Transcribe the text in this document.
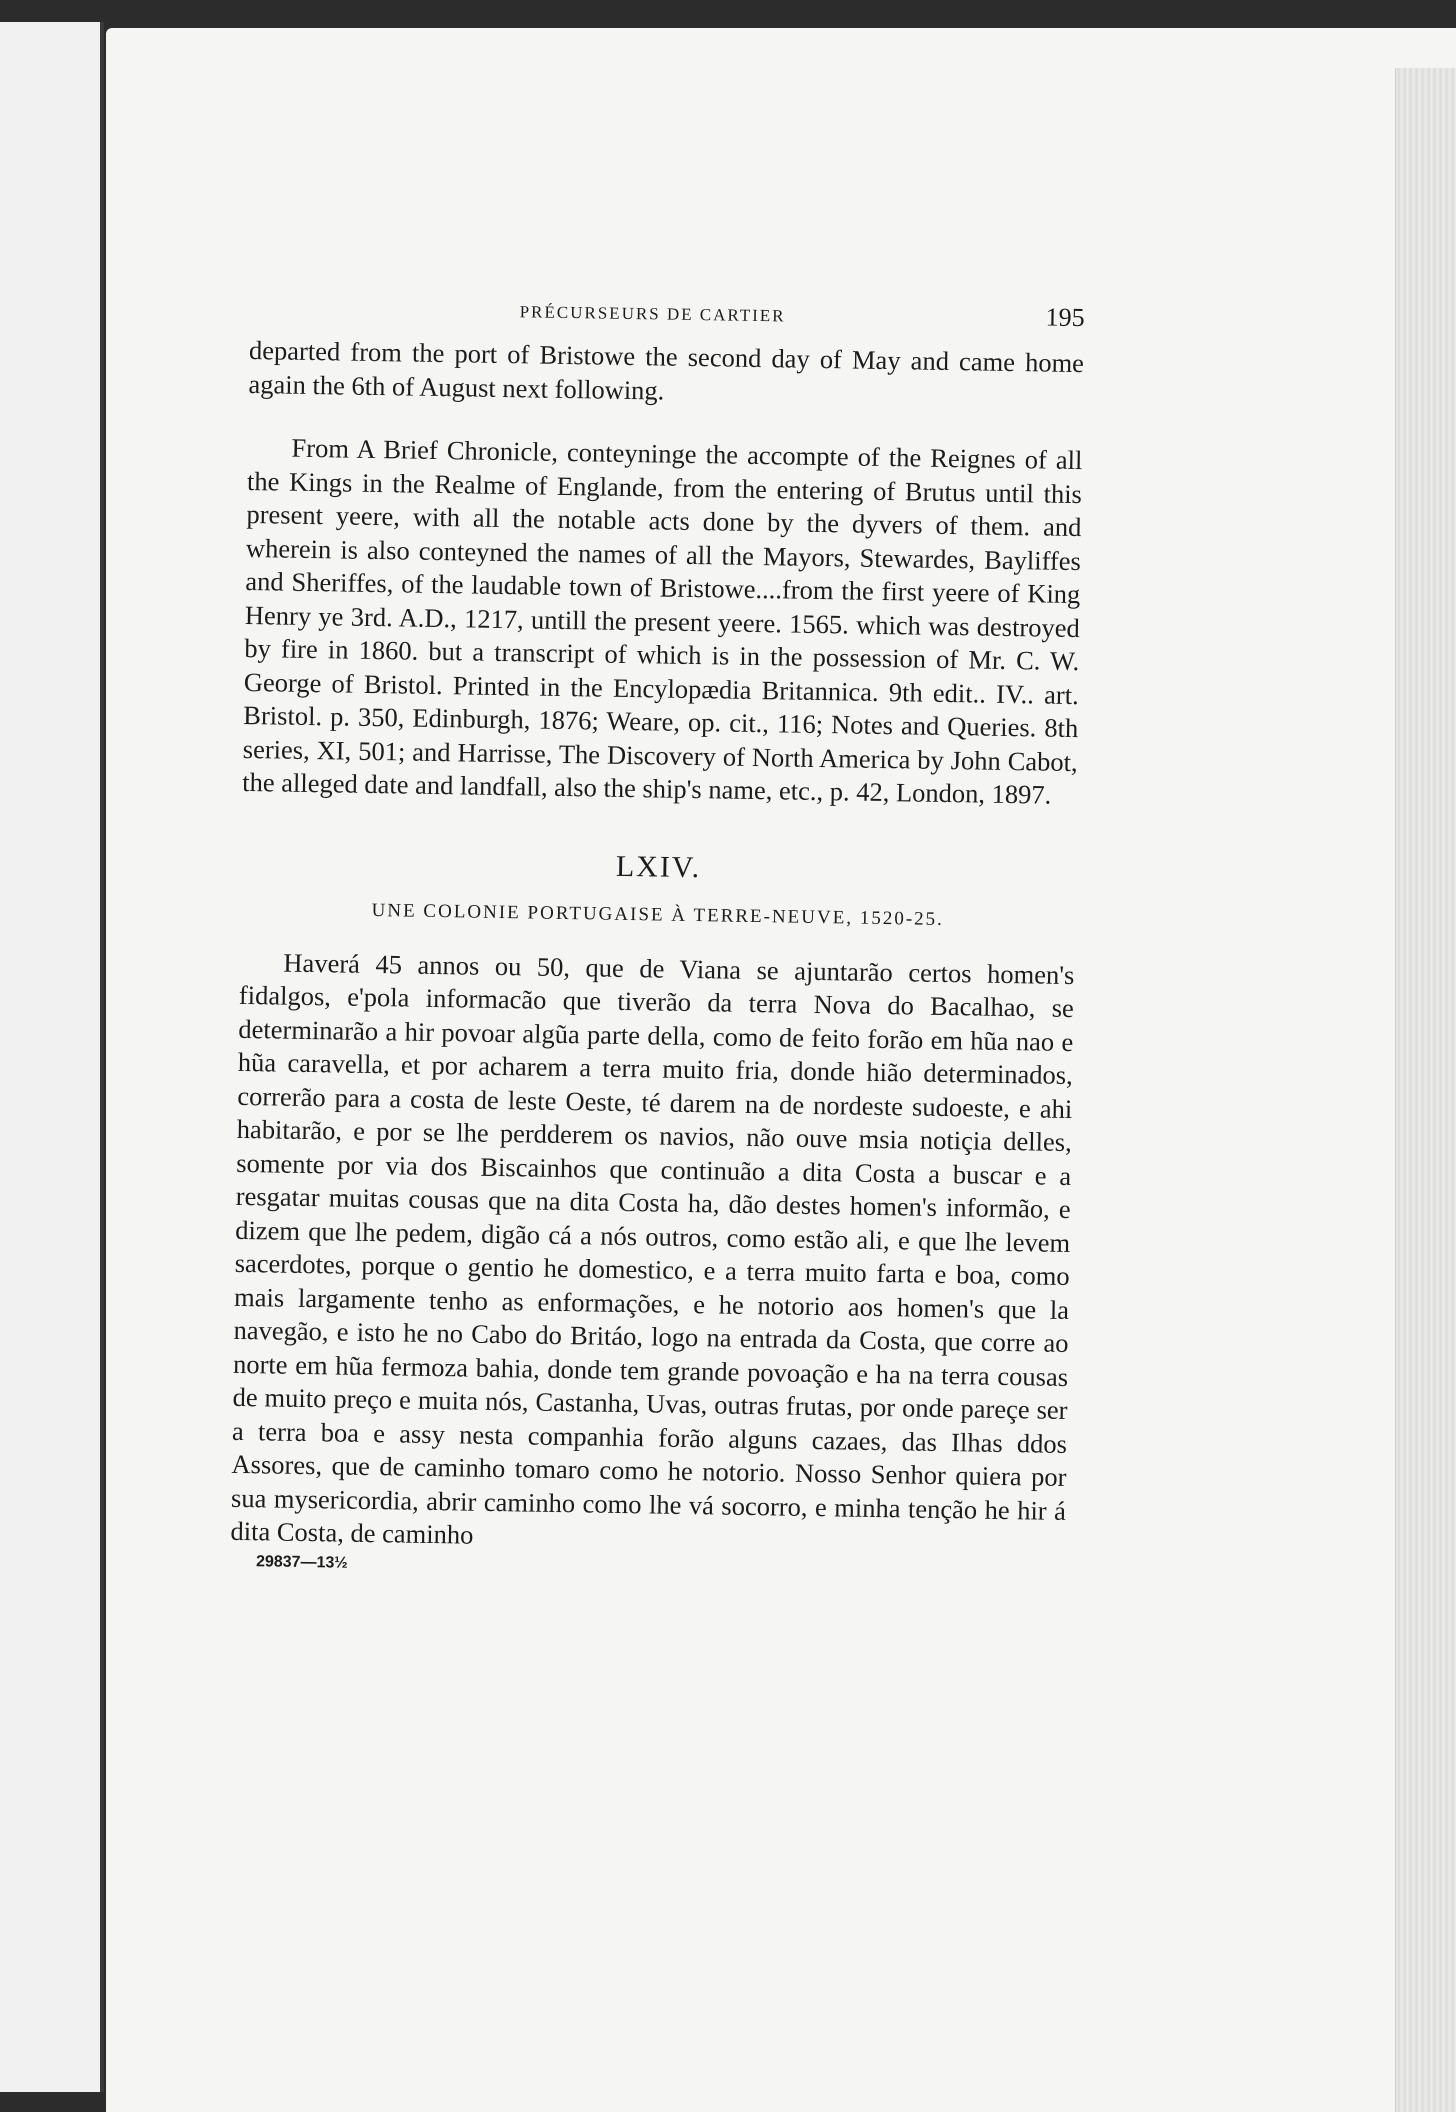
PRÉCURSEURS DE CARTIER	195

departed from the port of Bristowe the second day of May and came home again the 6th of August next following.

From A Brief Chronicle, conteyninge the accompte of the Reignes of all the Kings in the Realme of Englande, from the entering of Brutus until this present yeere, with all the notable acts done by the dyvers of them. and wherein is also conteyned the names of all the Mayors, Stewardes, Bayliffes and Sheriffes, of the laudable town of Bristowe....from the first yeere of King Henry ye 3rd. A.D., 1217, untill the present yeere. 1565. which was destroyed by fire in 1860. but a transcript of which is in the possession of Mr. C. W. George of Bristol. Printed in the Encylopædia Britannica. 9th edit.. IV.. art. Bristol. p. 350, Edinburgh, 1876; Weare, op. cit., 116; Notes and Queries. 8th series, XI, 501; and Harrisse, The Discovery of North America by John Cabot, the alleged date and landfall, also the ship's name, etc., p. 42, London, 1897.

LXIV.
UNE COLONIE PORTUGAISE À TERRE-NEUVE, 1520-25.

Haverá 45 annos ou 50, que de Viana se ajuntarão certos homen's fidalgos, e'pola informacão que tiverão da terra Nova do Bacalhao, se determinarão a hir povoar algũa parte della, como de feito forão em hũa nao e hũa caravella, et por acharem a terra muito fria, donde hião determinados, correrão para a costa de leste Oeste, té darem na de nordeste sudoeste, e ahi habitarão, e por se lhe perdderem os navios, não ouve msia notiçia delles, somente por via dos Biscainhos que continuão a dita Costa a buscar e a resgatar muitas cousas que na dita Costa ha, dão destes homen's informão, e dizem que lhe pedem, digão cá a nós outros, como estão ali, e que lhe levem sacerdotes, porque o gentio he domestico, e a terra muito farta e boa, como mais largamente tenho as enformações, e he notorio aos homen's que la navegão, e isto he no Cabo do Britáo, logo na entrada da Costa, que corre ao norte em hũa fermoza bahia, donde tem grande povoação e ha na terra cousas de muito preço e muita nós, Castanha, Uvas, outras frutas, por onde pareçe ser a terra boa e assy nesta companhia forão alguns cazaes, das Ilhas ddos Assores, que de caminho tomaro como he notorio. Nosso Senhor quiera por sua mysericordia, abrir caminho como lhe vá socorro, e minha tenção he hir á dita Costa, de caminho

29837—13½
